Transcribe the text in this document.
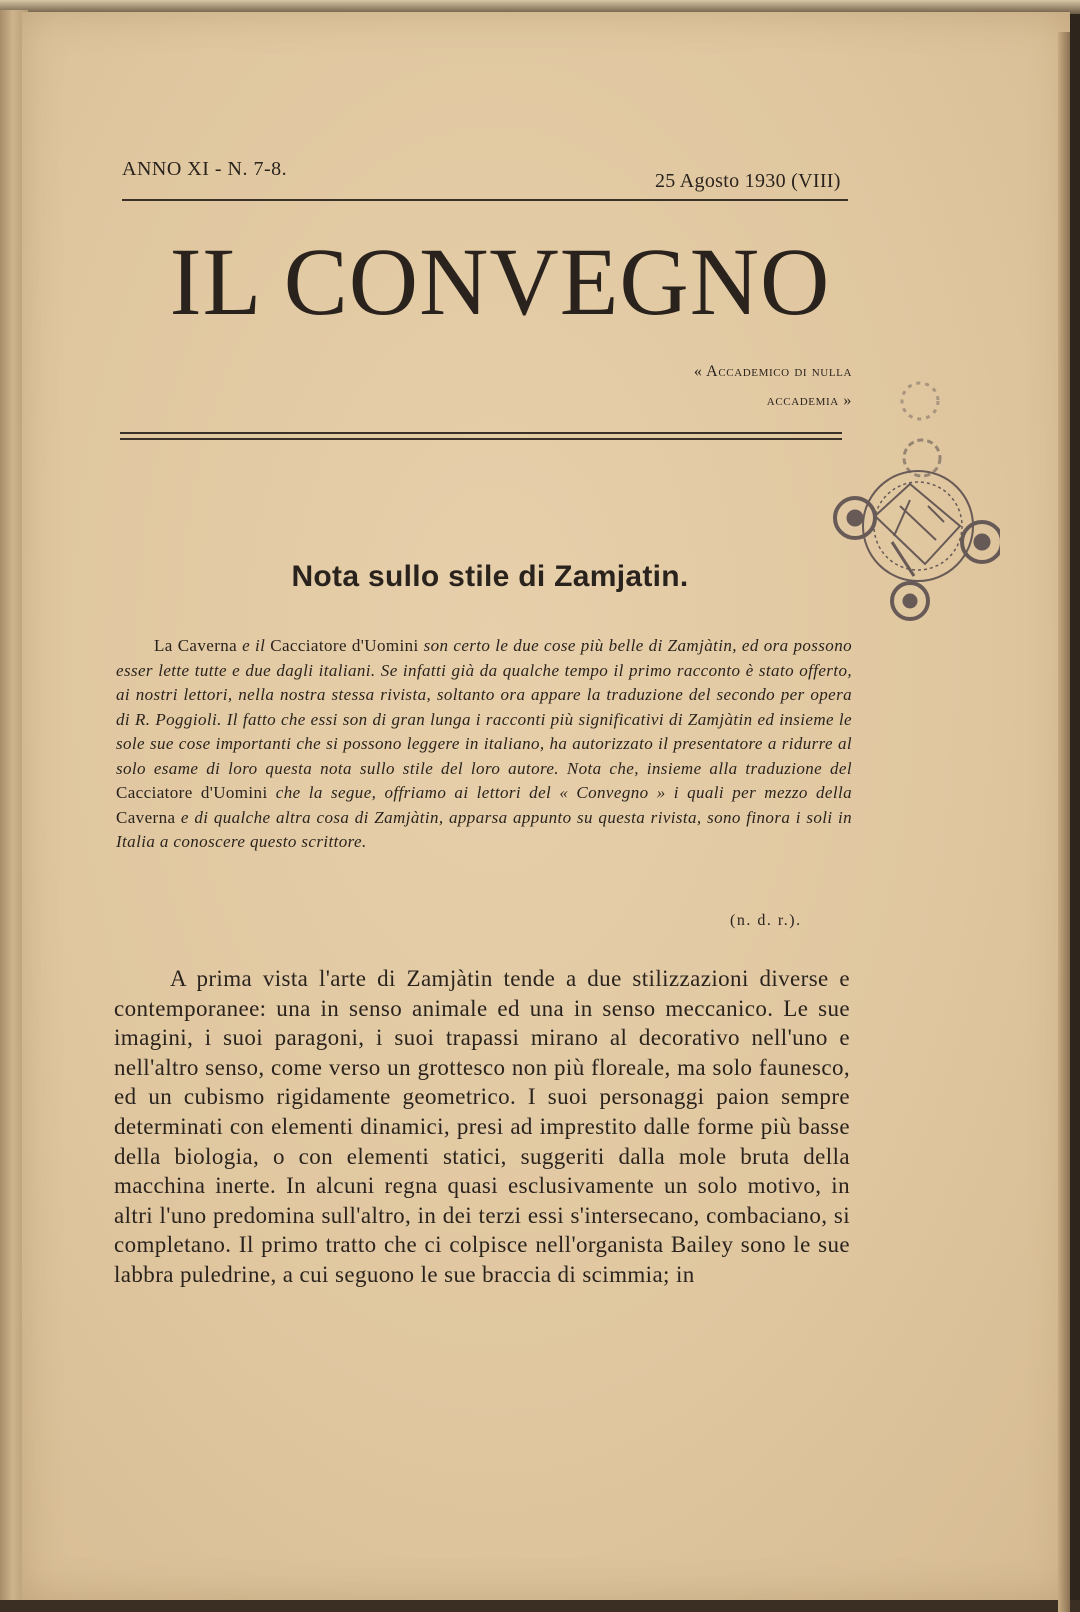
ANNO XI - N. 7-8.
25 Agosto 1930 (VIII)
IL CONVEGNO
« Accademico di nulla
accademia »
Nota sullo stile di Zamjatin.
La Caverna e il Cacciatore d'Uomini son certo le due cose più belle di Zamjàtin, ed ora possono esser lette tutte e due dagli italiani. Se infatti già da qualche tempo il primo racconto è stato offerto, ai nostri lettori, nella nostra stessa rivista, soltanto ora appare la traduzione del secondo per opera di R. Poggioli. Il fatto che essi son di gran lunga i racconti più significativi di Zamjàtin ed insieme le sole sue cose importanti che si possono leggere in italiano, ha autorizzato il presentatore a ridurre al solo esame di loro questa nota sullo stile del loro autore. Nota che, insieme alla traduzione del Cacciatore d'Uomini che la segue, offriamo ai lettori del « Convegno » i quali per mezzo della Caverna e di qualche altra cosa di Zamjàtin, apparsa appunto su questa rivista, sono finora i soli in Italia a conoscere questo scrittore.
(n. d. r.).
A prima vista l'arte di Zamjàtin tende a due stilizzazioni diverse e contemporanee: una in senso animale ed una in senso meccanico. Le sue imagini, i suoi paragoni, i suoi trapassi mirano al decorativo nell'uno e nell'altro senso, come verso un grottesco non più floreale, ma solo faunesco, ed un cubismo rigidamente geometrico. I suoi personaggi paion sempre determinati con elementi dinamici, presi ad imprestito dalle forme più basse della biologia, o con elementi statici, suggeriti dalla mole bruta della macchina inerte. In alcuni regna quasi esclusivamente un solo motivo, in altri l'uno predomina sull'altro, in dei terzi essi s'intersecano, combaciano, si completano. Il primo tratto che ci colpisce nell'organista Bailey sono le sue labbra puledrine, a cui seguono le sue braccia di scimmia; in
